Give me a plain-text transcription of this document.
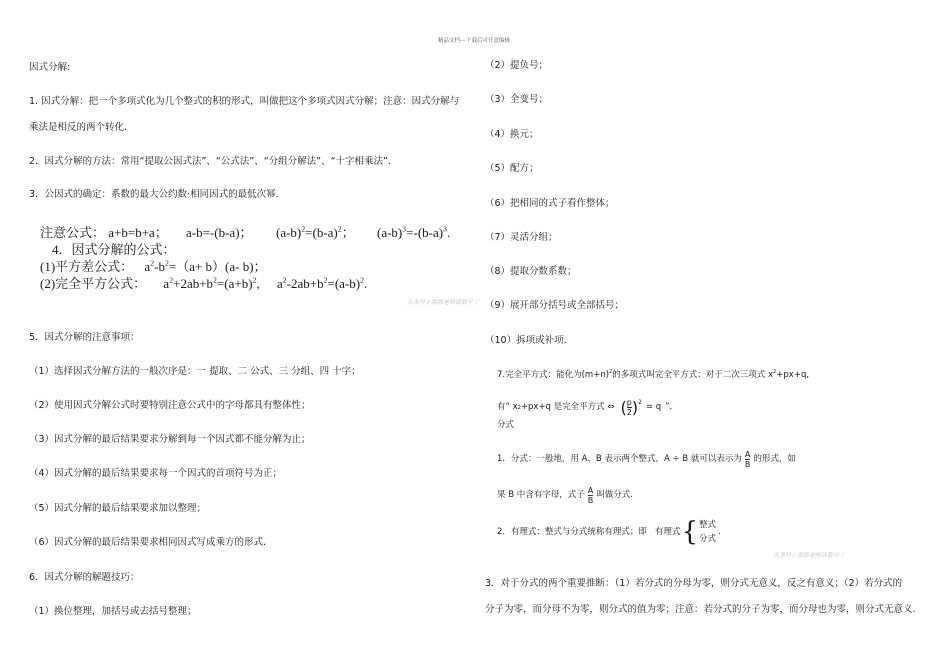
精品文档---下载后可任意编辑
因式分解:
1. 因式分解：把一个多项式化为几个整式的积的形式，叫做把这个多项式因式分解；注意：因式分解与
乘法是相反的两个转化.
2．因式分解的方法：常用“提取公因式法”、“公式法”、“分组分解法”、“十字相乘法”．
3．公因式的确定：系数的最大公约数·相同因式的最低次幂.
注意公式： a+b=b+a； a-b=-(b-a)； $(a-b)^2=(b-a)^2$； $(a-b)^3=-(b-a)^3$.
4．因式分解的公式：
(1)平方差公式： $a^2-b^2=(a+ b)(a-$ b)；
(2)完全平方公式： $a^2+2ab+b^2=(a+b)^2$, $a^2-2ab+b^2=(a-b)^2$.
头条号 / 那那老师讲数学了
5．因式分解的注意事项：
（1）选择因式分解方法的一般次序是：一 提取、二 公式、三 分组、四 十字；
（2）使用因式分解公式时要特别注意公式中的字母都具有整体性；
（3）因式分解的最后结果要求分解到每一个因式都不能分解为止；
（4）因式分解的最后结果要求每一个因式的首项符号为正；
（5）因式分解的最后结果要求加以整理；
（6）因式分解的最后结果要求相同因式写成乘方的形式.
6．因式分解的解题技巧：
（1）换位整理，加括号或去括号整理；
（2）提负号；
（3）全变号；
（4）换元；
（5）配方；
（6）把相同的式子看作整体；
（7）灵活分组；
（8）提取分数系数；
（9）展开部分括号或全部括号；
（10）拆项或补项.
7.完全平方式：能化为$(m+n)^2$的多项式叫完全平方式；对于二次三项式 $x^2+px+q$,
有“ x 2 +px+q 是完全平方式 ⇔ ( $\frac{p}{2}$ ) 2 = q ”．
分式
1．分式：一般地，用 A、B 表示两个整式，A ÷ B 就可以表示为 $\frac{A}{B}$ 的形式，如
果 B 中含有字母，式子 $\frac{A}{B}$ 叫做分式.
2．有理式：整式与分式统称有理式；即 有理式 { 整式
分式
.
头条号 / 那那老师讲数学了
3．对于分式的两个重要推断：（1）若分式的分母为零，则分式无意义，反之有意义；（2）若分式的
分子为零，而分母不为零，则分式的值为零；注意：若分式的分子为零，而分母也为零，则分式无意义.
